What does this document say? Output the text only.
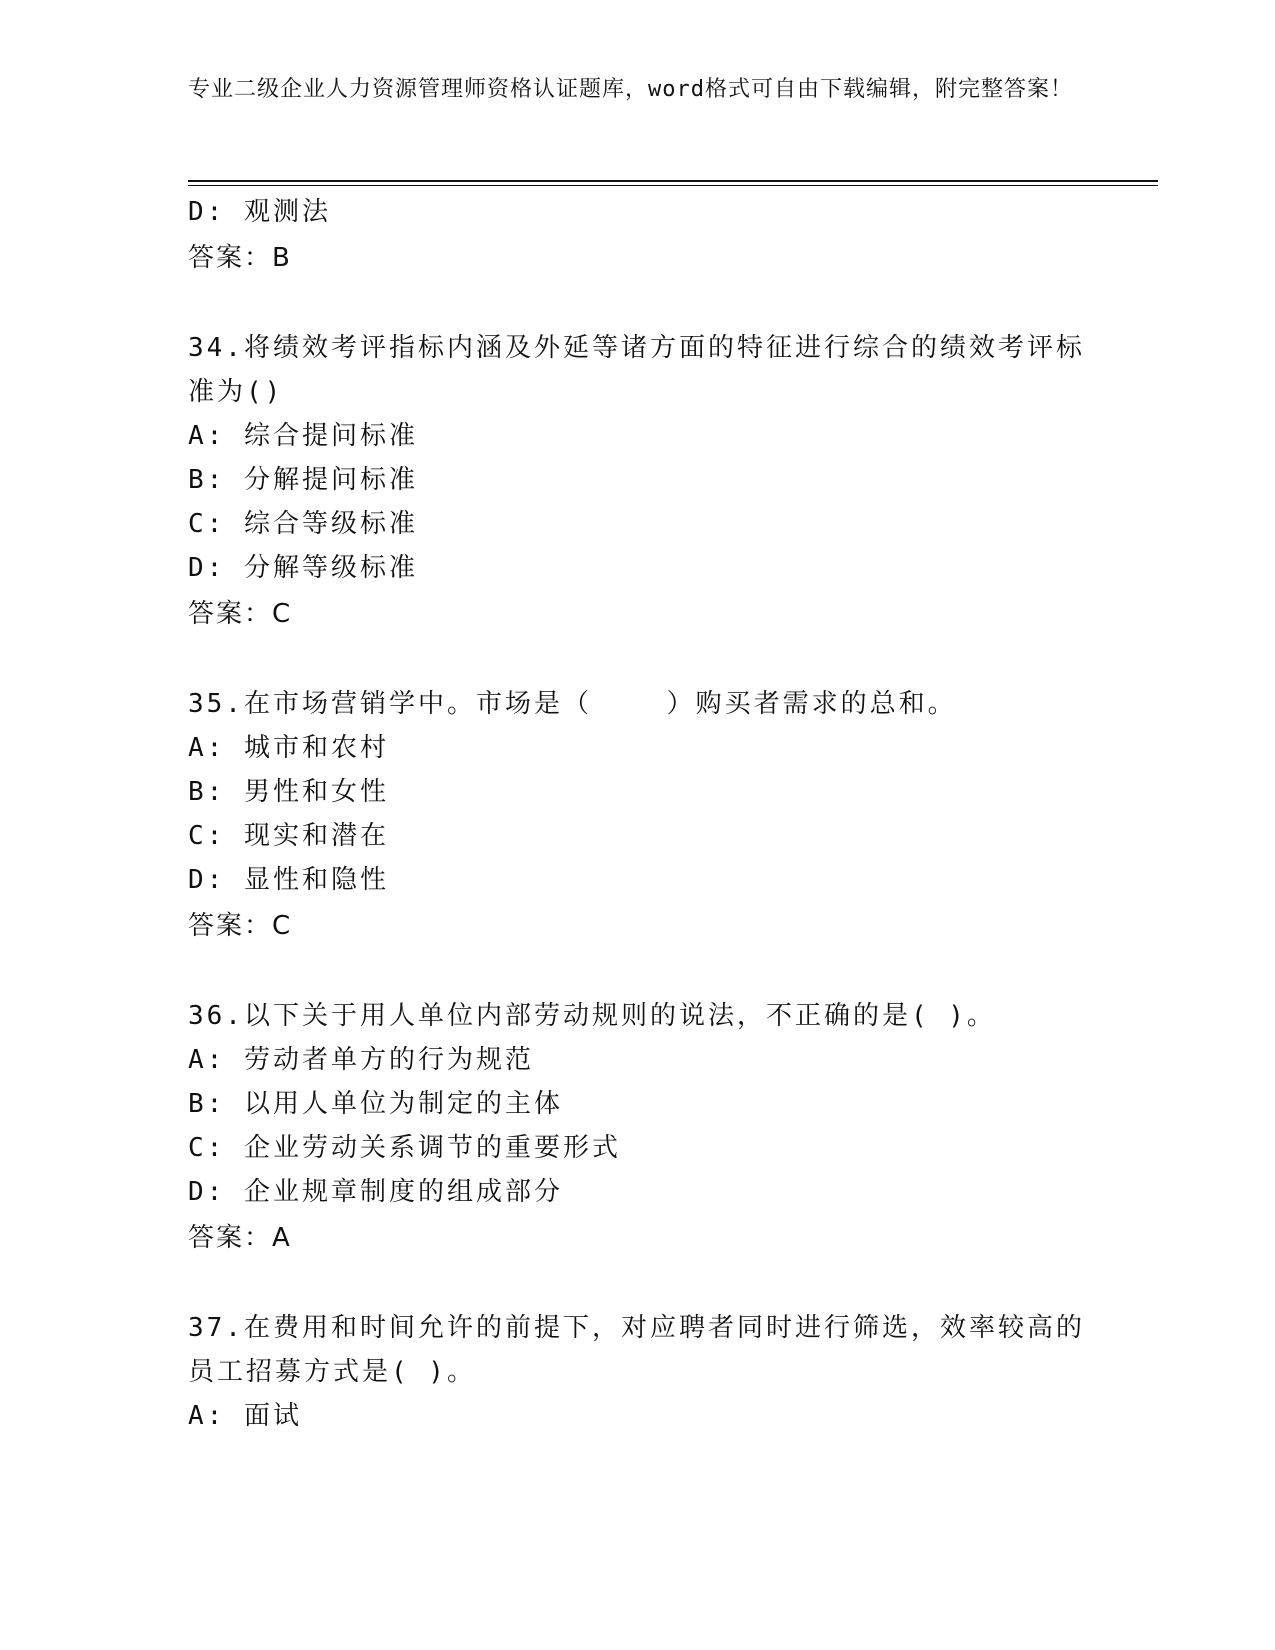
专业二级企业人力资源管理师资格认证题库，word格式可自由下载编辑，附完整答案！
D: 观测法
答案：B
34.将绩效考评指标内涵及外延等诸方面的特征进行综合的绩效考评标准为()
A: 综合提问标准
B: 分解提问标准
C: 综合等级标准
D: 分解等级标准
答案：C
35.在市场营销学中。市场是（    ）购买者需求的总和。
A: 城市和农村
B: 男性和女性
C: 现实和潜在
D: 显性和隐性
答案：C
36.以下关于用人单位内部劳动规则的说法，不正确的是( )。
A: 劳动者单方的行为规范
B: 以用人单位为制定的主体
C: 企业劳动关系调节的重要形式
D: 企业规章制度的组成部分
答案：A
37.在费用和时间允许的前提下，对应聘者同时进行筛选，效率较高的员工招募方式是( )。
A: 面试
